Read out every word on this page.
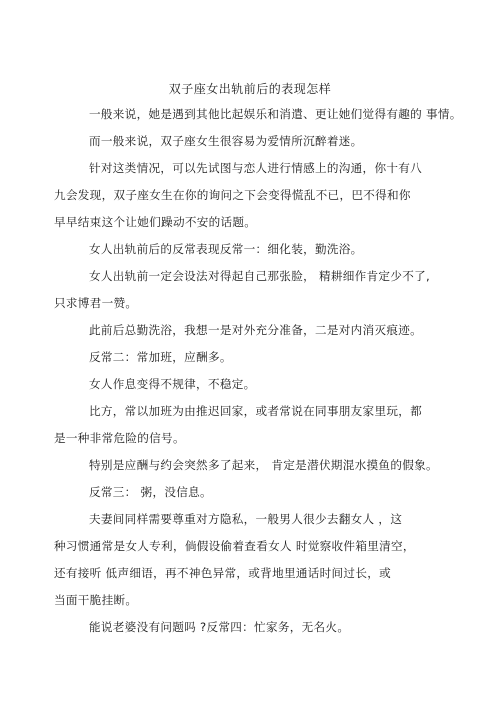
双子座女出轨前后的表现怎样
一般来说，她是遇到其他比起娱乐和消遣、更让她们觉得有趣的 事情。
而一般来说，双子座女生很容易为爱情所沉醉着迷。
针对这类情况，可以先试图与恋人进行情感上的沟通，你十有八
九会发现，双子座女生在你的询问之下会变得慌乱不已，巴不得和你
早早结束这个让她们躁动不安的话题。
女人出轨前后的反常表现反常一：细化装，勤洗浴。
女人出轨前一定会设法对得起自己那张脸， 精耕细作肯定少不了,
只求博君一赞。
此前后总勤洗浴，我想一是对外充分准备，二是对内消灭痕迹。
反常二：常加班，应酬多。
女人作息变得不规律，不稳定。
比方，常以加班为由推迟回家，或者常说在同事朋友家里玩，都
是一种非常危险的信号。
特别是应酬与约会突然多了起来， 肯定是潜伏期混水摸鱼的假象。
反常三： 粥，没信息。
夫妻间同样需要尊重对方隐私，一般男人很少去翻女人 ，这
种习惯通常是女人专利，倘假设偷着查看女人 时觉察收件箱里清空，
还有接听 低声细语，再不神色异常，或背地里通话时间过长，或
当面干脆挂断。
能说老婆没有问题吗 ?反常四：忙家务，无名火。
